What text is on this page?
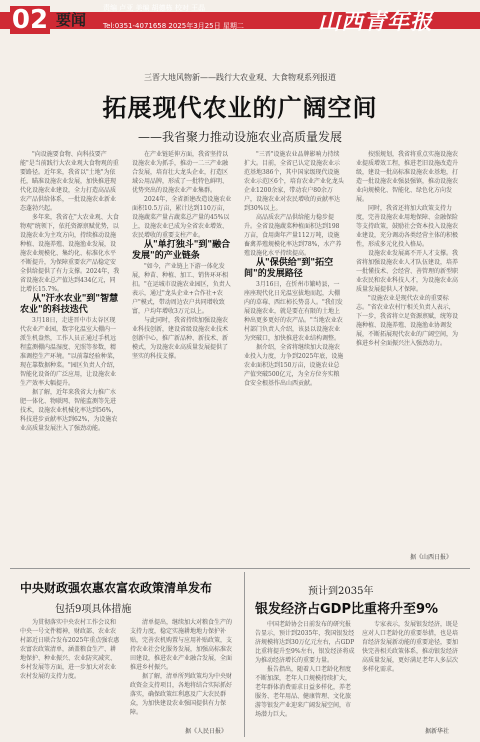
02 要闻
责编 卢亚 美编 胡德栋 校对 王晶
Tel:0351-4071658 2025年3月25日 星期二	山西青年报
三晋大地风物新——践行大农业观、大食物观系列报道
拓展现代农业的广阔空间
——我省聚力推动设施农业高质量发展

"向设施要食物、向科技要产能"是当前践行大农业观大食物观的重要路径。近年来，我省以"土地"为依托，瞄准设施农业发展，加快推进现代化设施农业建设，全力打造高品质农产品供给体系，一批设施农业新业态蓬勃兴起。

多年来，我省在"大农业观、大食物观"统领下，依托资源禀赋优势，以设施农业为主攻方向，持续推动设施种植、设施养殖、设施渔业发展，设施农业规模化、集约化、标准化水平不断提升，为保障重要农产品稳定安全供给提供了有力支撑。2024年，我省设施农业总产值达到434亿元，同比增长15.7%。

从"汗水农业"到"智慧农业"的科技迭代

3月18日，走进晋中市太谷区现代农业产业园，数字化温室大棚内一派生机盎然，工作人员正通过手机远程监测棚内温湿度、光照等参数，精准调控生产环境。"以前靠经验种菜，现在靠数据种菜。"园区负责人介绍，智能化设备的广泛应用，让设施农业生产效率大幅提升。

据了解，近年来我省大力推广水肥一体化、物联网、智能监测等先进技术，设施农业机械化率达到56%，科技进步贡献率达到62%，为设施农业高质量发展注入了强劲动能。

在产业链延伸方面，我省坚持以设施农业为抓手，推动一二三产业融合发展，培育壮大龙头企业，打造区域公用品牌，形成了一批特色鲜明、优势突出的设施农业产业集群。

2024年，全省新建改造设施农业面积10.5万亩，累计达到110万亩，设施蔬菜产量占蔬菜总产量的45%以上，设施农业已成为全省农业增效、农民增收的重要支柱产业。

从"单打独斗"到"融合发展"的产业链条

"如今，产业链上下游一体化发展，种苗、种植、加工、销售环环相扣。"在运城市设施农业园区，负责人表示，通过"龙头企业+合作社+农户"模式，带动周边农户共同增收致富，户均年增收3万元以上。

与此同时，我省持续加强设施农业科技创新，建设省级设施农业技术创新中心，推广新品种、新技术、新模式，为设施农业高质量发展提供了坚实的科技支撑。

"三晋"设施农业品牌影响力持续扩大。目前，全省已认定设施农业示范基地386个，其中国家级现代设施农业示范区6个，培育农业产业化龙头企业1200余家，带动农户80余万户，设施农业对农民增收的贡献率达到30%以上。

高品质农产品供给能力稳步提升。全省设施蔬菜种植面积达到198万亩，食用菌年产量112万吨，设施畜禽养殖规模化率达到78%，水产养殖设施化水平持续提高。

从"保供给"到"拓空间"的发展路径

3月16日，在忻州市繁峙县，一座座现代化日光温室拔地而起，大棚内的草莓、西红柿长势喜人。"我们发展设施农业，就是要在有限的土地上种出更多更好的农产品。"当地农业农村部门负责人介绍，该县以设施农业为突破口，加快推进农业结构调整。

据介绍，全省将继续加大设施农业投入力度，力争到2025年底，设施农业面积达到150万亩，设施农业总产值突破500亿元，为全方位夯实粮食安全根基作出山西贡献。

按照规划，我省将重点实施设施农业提质增效工程，推进老旧设施改造升级，建设一批高标准设施农业基地，打造一批设施农业强县强镇，推动设施农业向规模化、智能化、绿色化方向发展。

同时，我省还将加大政策支持力度，完善设施农业用地保障、金融保险等支持政策，鼓励社会资本投入设施农业建设，充分调动各类经营主体的积极性，形成多元化投入格局。

设施农业发展离不开人才支撑。我省将加强设施农业人才队伍建设，培养一批懂技术、会经营、善管理的新型职业农民和农业科技人才，为设施农业高质量发展提供人才保障。

"设施农业是现代农业的重要标志。"省农业农村厅相关负责人表示，下一步，我省将立足资源禀赋，统筹设施种植、设施养殖、设施渔业协调发展，不断拓展现代农业的广阔空间，为推进乡村全面振兴注入强劲动力。

据《山西日报》
中央财政强农惠农富农政策清单发布
包括9项具体措施

为贯彻落实中央农村工作会议和中央一号文件精神，财政部、农业农村部近日联合发布2025年重点强农惠农富农政策清单，涵盖粮食生产、耕地保护、种业振兴、农业防灾减灾、乡村发展等方面，进一步加大对农业农村发展的支持力度。

清单提出，继续加大对粮食生产的支持力度，稳定实施耕地地力保护补贴，完善农机购置与应用补贴政策，支持农业社会化服务发展，加强高标准农田建设，推进农业产业融合发展，全面推进乡村振兴。

据了解，清单所列政策均为中央财政资金支持项目，各地将结合实际抓好落实，确保政策红利惠及广大农民群众，为加快建设农业强国提供有力保障。

据《人民日报》
预计到2035年
银发经济占GDP比重将升至9%

中国老龄协会日前发布的研究报告显示，预计到2035年，我国银发经济规模将达到30万亿元左右，占GDP比重将提升至9%左右，银发经济将成为推动经济增长的重要力量。

报告指出，随着人口老龄化程度不断加深，老年人口规模持续扩大，老年群体消费需求日益多样化，养老服务、老年用品、健康管理、文化旅游等银发产业迎来广阔发展空间，市场潜力巨大。

专家表示，发展银发经济，既是应对人口老龄化的重要举措，也是培育经济发展新动能的重要途径，要加快完善相关政策体系，推动银发经济高质量发展，更好满足老年人多层次多样化需求。

据新华社
